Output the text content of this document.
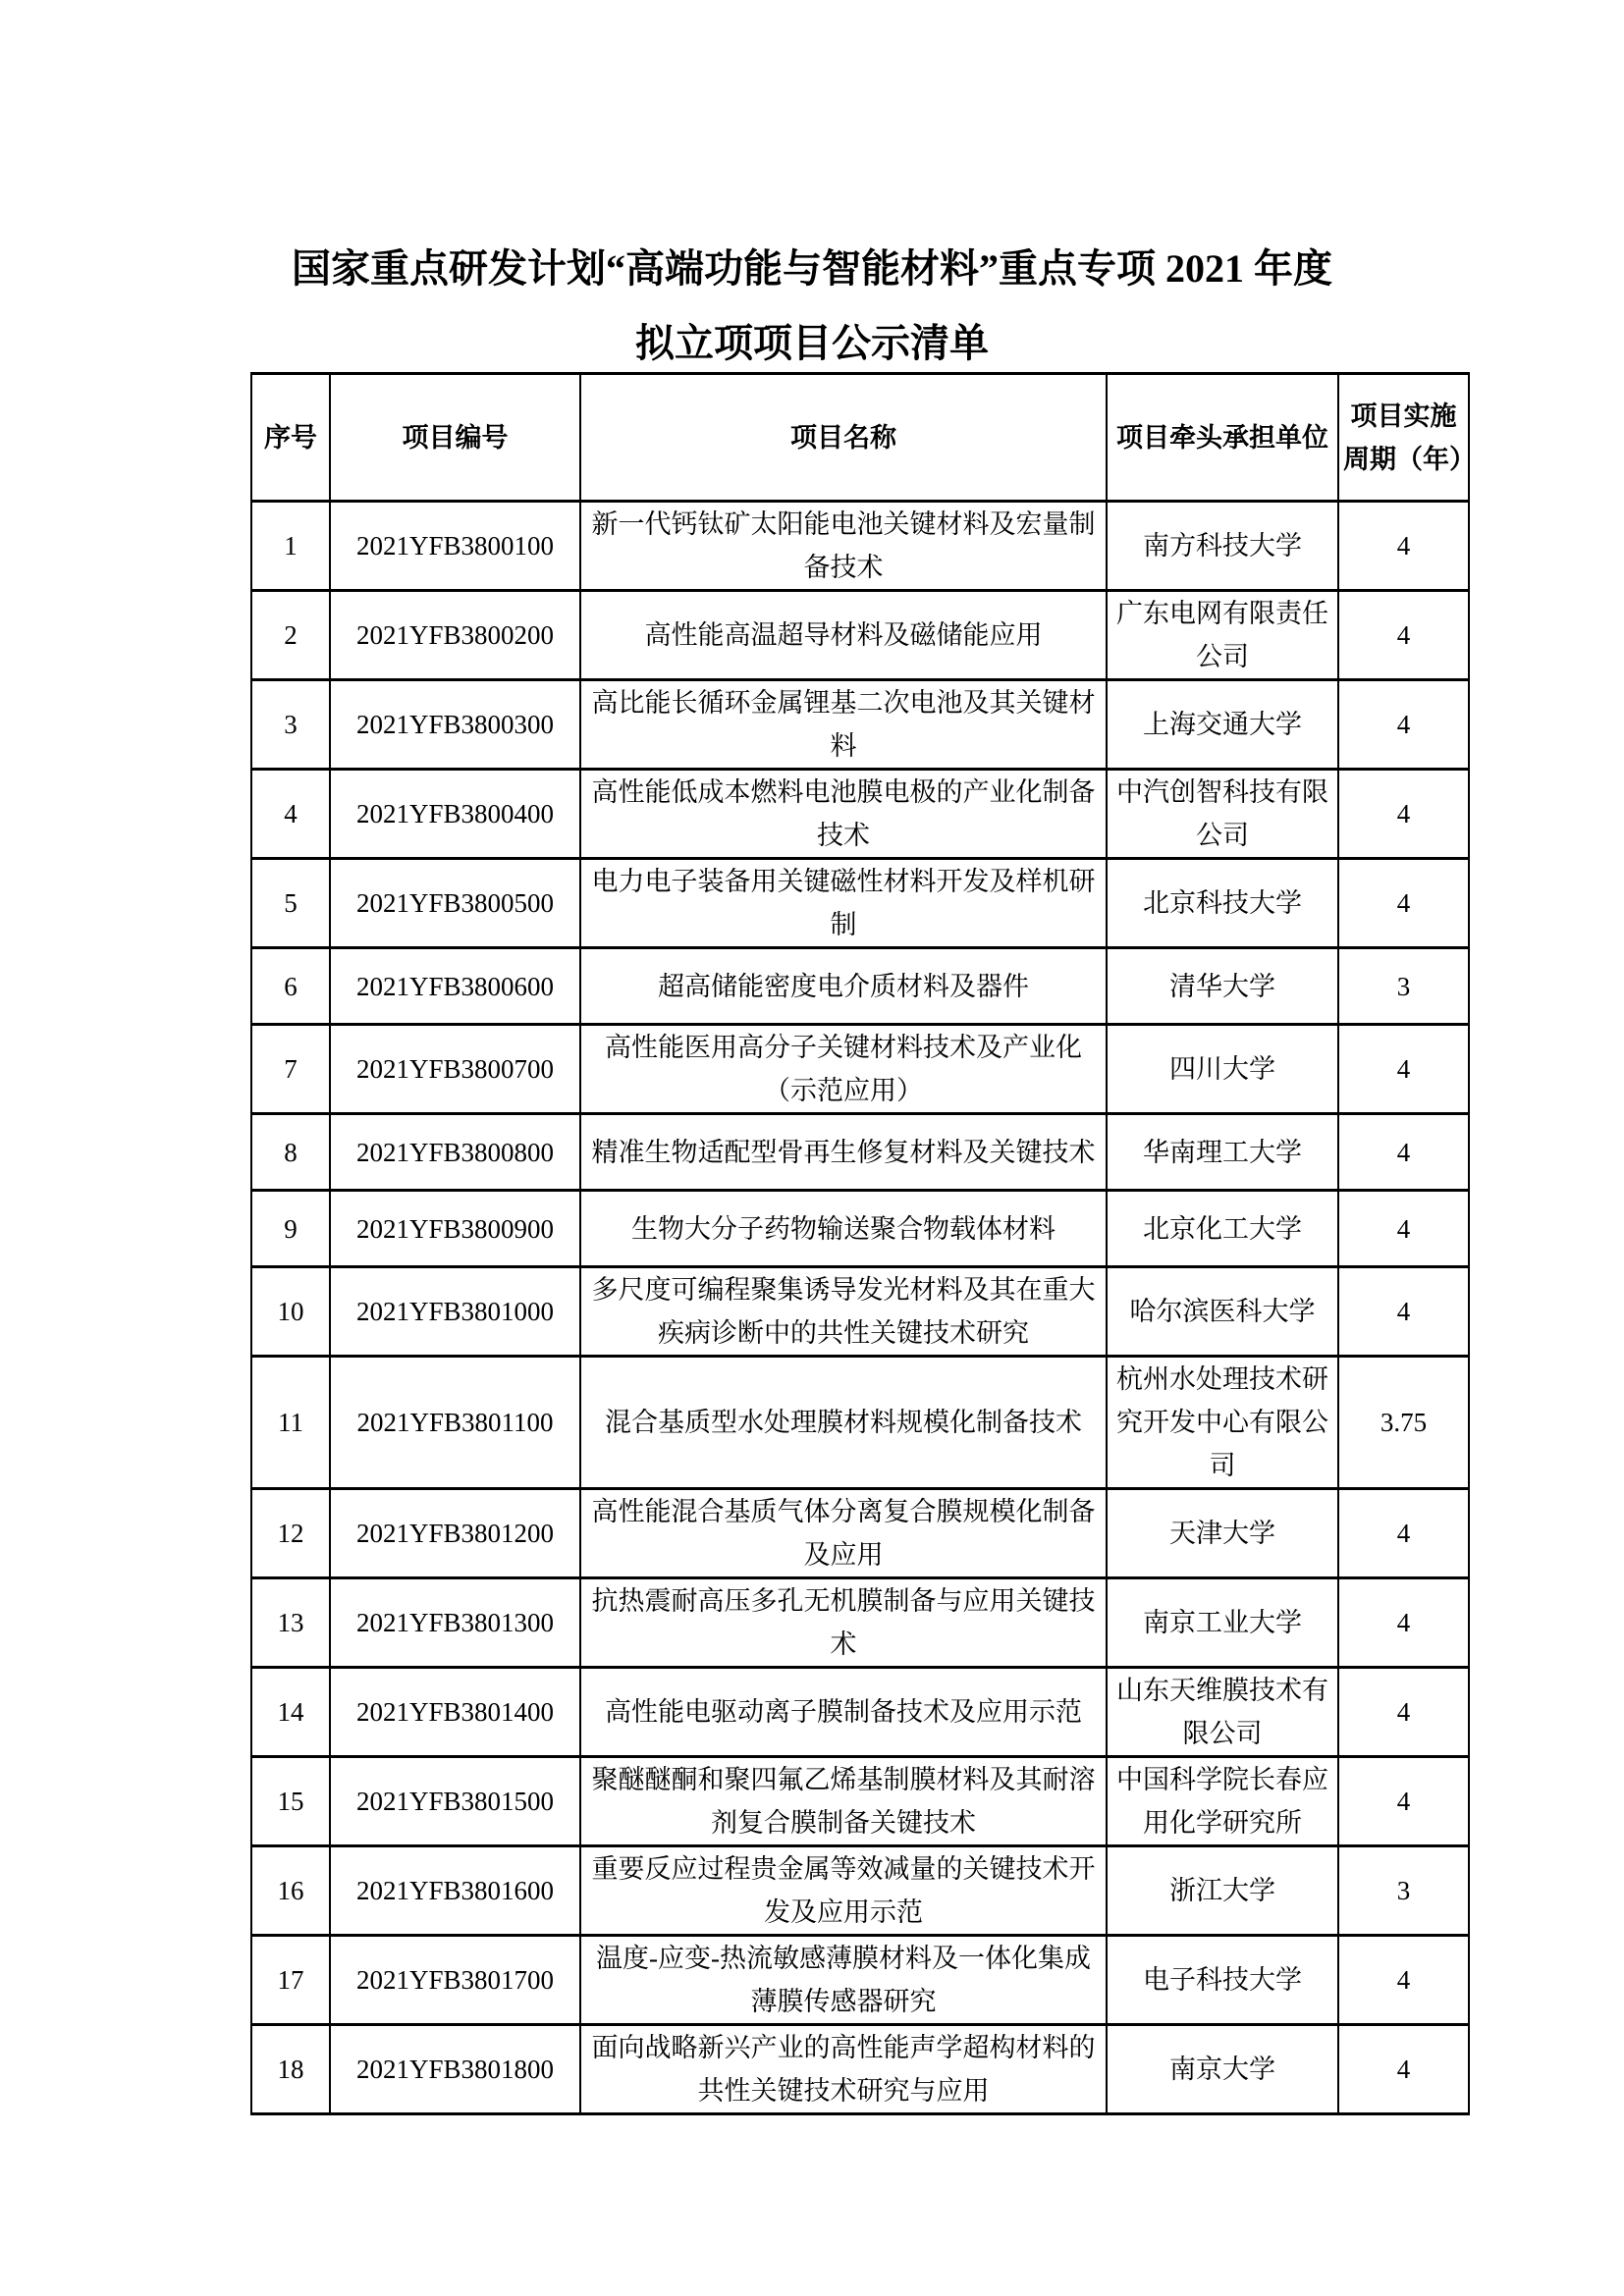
国家重点研发计划“高端功能与智能材料”重点专项 2021 年度
拟立项项目公示清单
序号	项目编号	项目名称	项目牵头承担单位	项目实施周期（年）
1	2021YFB3800100	新一代钙钛矿太阳能电池关键材料及宏量制备技术	南方科技大学	4
2	2021YFB3800200	高性能高温超导材料及磁储能应用	广东电网有限责任公司	4
3	2021YFB3800300	高比能长循环金属锂基二次电池及其关键材料	上海交通大学	4
4	2021YFB3800400	高性能低成本燃料电池膜电极的产业化制备技术	中汽创智科技有限公司	4
5	2021YFB3800500	电力电子装备用关键磁性材料开发及样机研制	北京科技大学	4
6	2021YFB3800600	超高储能密度电介质材料及器件	清华大学	3
7	2021YFB3800700	高性能医用高分子关键材料技术及产业化（示范应用）	四川大学	4
8	2021YFB3800800	精准生物适配型骨再生修复材料及关键技术	华南理工大学	4
9	2021YFB3800900	生物大分子药物输送聚合物载体材料	北京化工大学	4
10	2021YFB3801000	多尺度可编程聚集诱导发光材料及其在重大疾病诊断中的共性关键技术研究	哈尔滨医科大学	4
11	2021YFB3801100	混合基质型水处理膜材料规模化制备技术	杭州水处理技术研究开发中心有限公司	3.75
12	2021YFB3801200	高性能混合基质气体分离复合膜规模化制备及应用	天津大学	4
13	2021YFB3801300	抗热震耐高压多孔无机膜制备与应用关键技术	南京工业大学	4
14	2021YFB3801400	高性能电驱动离子膜制备技术及应用示范	山东天维膜技术有限公司	4
15	2021YFB3801500	聚醚醚酮和聚四氟乙烯基制膜材料及其耐溶剂复合膜制备关键技术	中国科学院长春应用化学研究所	4
16	2021YFB3801600	重要反应过程贵金属等效减量的关键技术开发及应用示范	浙江大学	3
17	2021YFB3801700	温度-应变-热流敏感薄膜材料及一体化集成薄膜传感器研究	电子科技大学	4
18	2021YFB3801800	面向战略新兴产业的高性能声学超构材料的共性关键技术研究与应用	南京大学	4
